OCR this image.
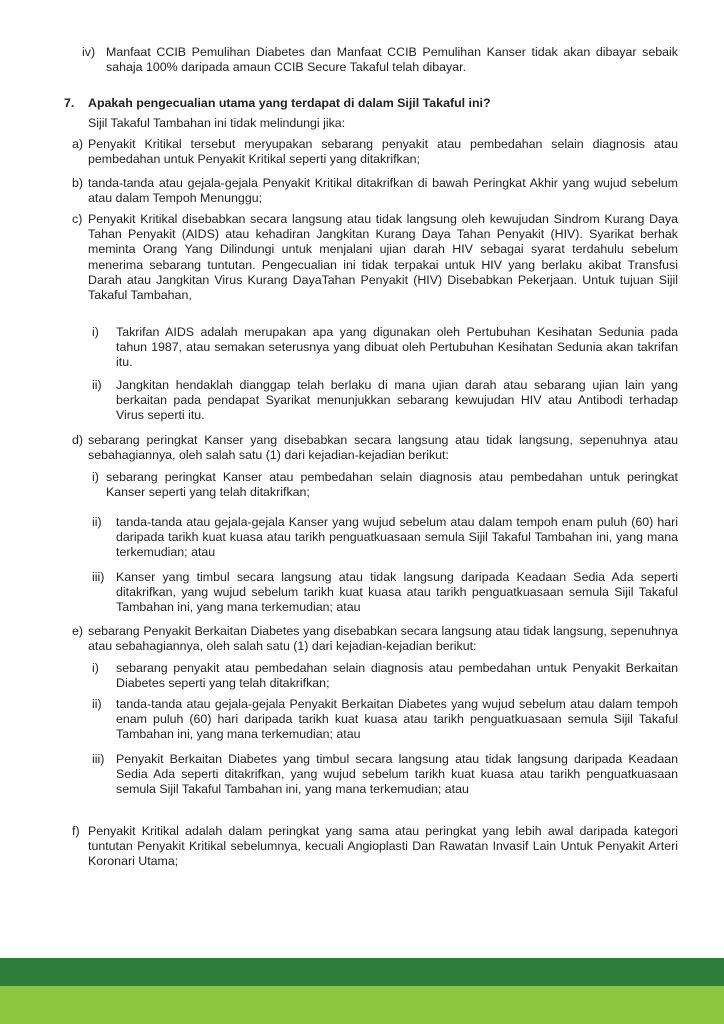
iv) Manfaat CCIB Pemulihan Diabetes dan Manfaat CCIB Pemulihan Kanser tidak akan dibayar sebaik sahaja 100% daripada amaun CCIB Secure Takaful telah dibayar.
7. Apakah pengecualian utama yang terdapat di dalam Sijil Takaful ini?
Sijil Takaful Tambahan ini tidak melindungi jika:
a) Penyakit Kritikal tersebut meryupakan sebarang penyakit atau pembedahan selain diagnosis atau pembedahan untuk Penyakit Kritikal seperti yang ditakrifkan;
b) tanda-tanda atau gejala-gejala Penyakit Kritikal ditakrifkan di bawah Peringkat Akhir yang wujud sebelum atau dalam Tempoh Menunggu;
c) Penyakit Kritikal disebabkan secara langsung atau tidak langsung oleh kewujudan Sindrom Kurang Daya Tahan Penyakit (AIDS) atau kehadiran Jangkitan Kurang Daya Tahan Penyakit (HIV). Syarikat berhak meminta Orang Yang Dilindungi untuk menjalani ujian darah HIV sebagai syarat terdahulu sebelum menerima sebarang tuntutan. Pengecualian ini tidak terpakai untuk HIV yang berlaku akibat Transfusi Darah atau Jangkitan Virus Kurang DayaTahan Penyakit (HIV) Disebabkan Pekerjaan. Untuk tujuan Sijil Takaful Tambahan,
i) Takrifan AIDS adalah merupakan apa yang digunakan oleh Pertubuhan Kesihatan Sedunia pada tahun 1987, atau semakan seterusnya yang dibuat oleh Pertubuhan Kesihatan Sedunia akan takrifan itu.
ii) Jangkitan hendaklah dianggap telah berlaku di mana ujian darah atau sebarang ujian lain yang berkaitan pada pendapat Syarikat menunjukkan sebarang kewujudan HIV atau Antibodi terhadap Virus seperti itu.
d) sebarang peringkat Kanser yang disebabkan secara langsung atau tidak langsung, sepenuhnya atau sebahagiannya, oleh salah satu (1) dari kejadian-kejadian berikut:
i) sebarang peringkat Kanser atau pembedahan selain diagnosis atau pembedahan untuk peringkat Kanser seperti yang telah ditakrifkan;
ii) tanda-tanda atau gejala-gejala Kanser yang wujud sebelum atau dalam tempoh enam puluh (60) hari daripada tarikh kuat kuasa atau tarikh penguatkuasaan semula Sijil Takaful Tambahan ini, yang mana terkemudian; atau
iii) Kanser yang timbul secara langsung atau tidak langsung daripada Keadaan Sedia Ada seperti ditakrifkan, yang wujud sebelum tarikh kuat kuasa atau tarikh penguatkuasaan semula Sijil Takaful Tambahan ini, yang mana terkemudian; atau
e) sebarang Penyakit Berkaitan Diabetes yang disebabkan secara langsung atau tidak langsung, sepenuhnya atau sebahagiannya, oleh salah satu (1) dari kejadian-kejadian berikut:
i) sebarang penyakit atau pembedahan selain diagnosis atau pembedahan untuk Penyakit Berkaitan Diabetes seperti yang telah ditakrifkan;
ii) tanda-tanda atau gejala-gejala Penyakit Berkaitan Diabetes yang wujud sebelum atau dalam tempoh enam puluh (60) hari daripada tarikh kuat kuasa atau tarikh penguatkuasaan semula Sijil Takaful Tambahan ini, yang mana terkemudian; atau
iii) Penyakit Berkaitan Diabetes yang timbul secara langsung atau tidak langsung daripada Keadaan Sedia Ada seperti ditakrifkan, yang wujud sebelum tarikh kuat kuasa atau tarikh penguatkuasaan semula Sijil Takaful Tambahan ini, yang mana terkemudian; atau
f) Penyakit Kritikal adalah dalam peringkat yang sama atau peringkat yang lebih awal daripada kategori tuntutan Penyakit Kritikal sebelumnya, kecuali Angioplasti Dan Rawatan Invasif Lain Untuk Penyakit Arteri Koronari Utama;
